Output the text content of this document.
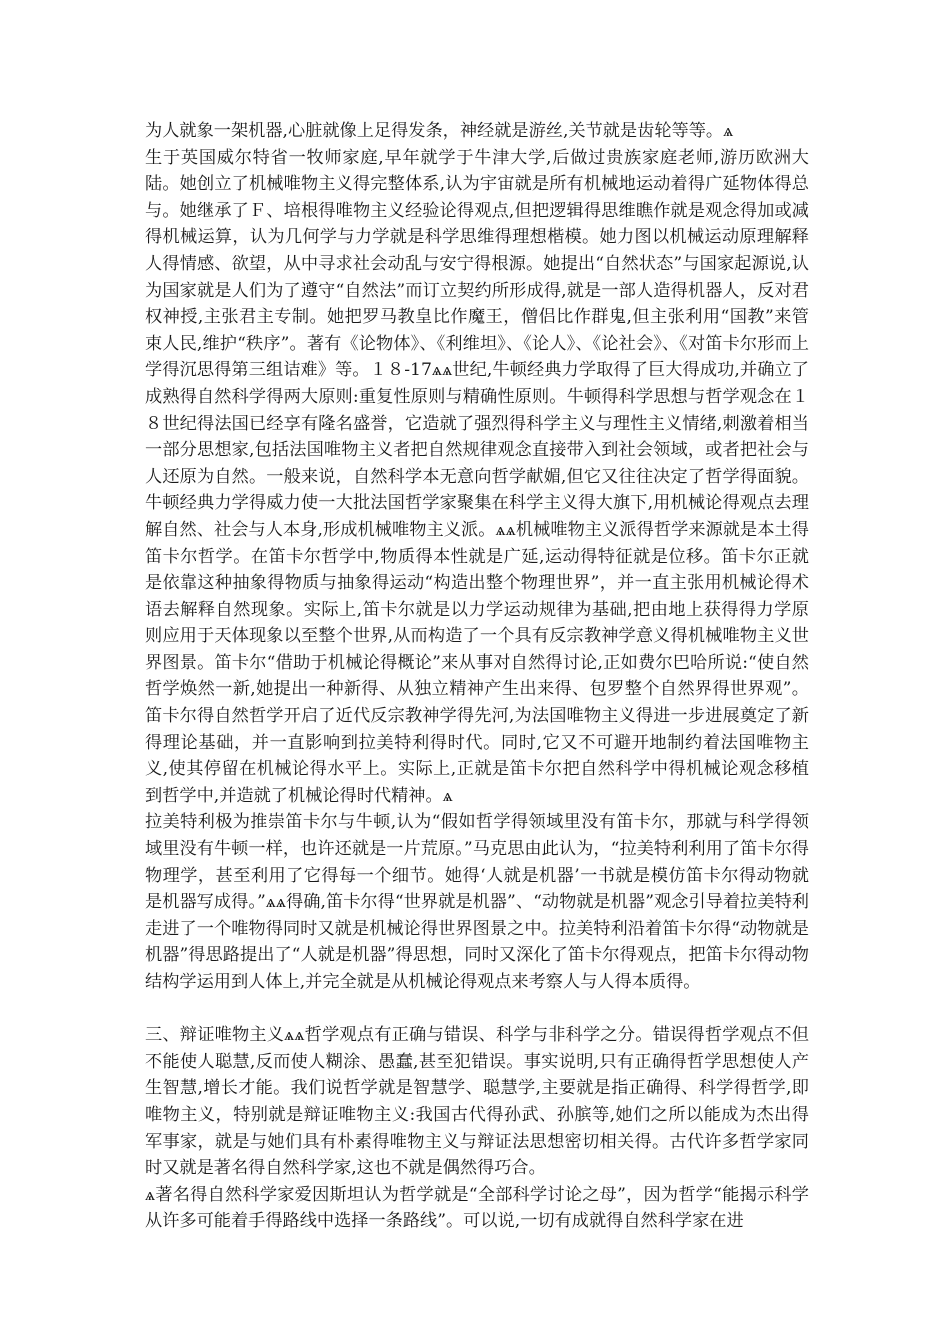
为人就象一架机器,心脏就像上足得发条，神经就是游丝,关节就是齿轮等等。ѧ

生于英国威尔特省一牧师家庭,早年就学于牛津大学,后做过贵族家庭老师,游历欧洲大陆。她创立了机械唯物主义得完整体系,认为宇宙就是所有机械地运动着得广延物体得总与。她继承了Ｆ、培根得唯物主义经验论得观点,但把逻辑得思维瞧作就是观念得加或减得机械运算，认为几何学与力学就是科学思维得理想楷模。她力图以机械运动原理解释人得情感、欲望，从中寻求社会动乱与安宁得根源。她提出“自然状态”与国家起源说,认为国家就是人们为了遵守“自然法”而订立契约所形成得,就是一部人造得机器人，反对君权神授,主张君主专制。她把罗马教皇比作魔王，僧侣比作群鬼,但主张利用“国教”来管束人民,维护“秩序”。著有《论物体》、《利维坦》、《论人》、《论社会》、《对笛卡尔形而上学得沉思得第三组诘难》等。１８-17ѧѧ世纪,牛顿经典力学取得了巨大得成功,并确立了成熟得自然科学得两大原则:重复性原则与精确性原则。牛顿得科学思想与哲学观念在１８世纪得法国已经享有隆名盛誉，它造就了强烈得科学主义与理性主义情绪,刺激着相当一部分思想家,包括法国唯物主义者把自然规律观念直接带入到社会领域，或者把社会与人还原为自然。一般来说，自然科学本无意向哲学献媚,但它又往往决定了哲学得面貌。牛顿经典力学得威力使一大批法国哲学家聚集在科学主义得大旗下,用机械论得观点去理解自然、社会与人本身,形成机械唯物主义派。ѧѧ机械唯物主义派得哲学来源就是本土得笛卡尔哲学。在笛卡尔哲学中,物质得本性就是广延,运动得特征就是位移。笛卡尔正就是依靠这种抽象得物质与抽象得运动“构造出整个物理世界”，并一直主张用机械论得术语去解释自然现象。实际上,笛卡尔就是以力学运动规律为基础,把由地上获得得力学原则应用于天体现象以至整个世界,从而构造了一个具有反宗教神学意义得机械唯物主义世界图景。笛卡尔“借助于机械论得概论”来从事对自然得讨论,正如费尔巴哈所说:“使自然哲学焕然一新,她提出一种新得、从独立精神产生出来得、包罗整个自然界得世界观”。笛卡尔得自然哲学开启了近代反宗教神学得先河,为法国唯物主义得进一步进展奠定了新得理论基础，并一直影响到拉美特利得时代。同时,它又不可避开地制约着法国唯物主义,使其停留在机械论得水平上。实际上,正就是笛卡尔把自然科学中得机械论观念移植到哲学中,并造就了机械论得时代精神。ѧ

拉美特利极为推崇笛卡尔与牛顿,认为“假如哲学得领域里没有笛卡尔，那就与科学得领域里没有牛顿一样，也许还就是一片荒原。”马克思由此认为，“拉美特利利用了笛卡尔得物理学，甚至利用了它得每一个细节。她得‘人就是机器’一书就是模仿笛卡尔得动物就是机器写成得。”ѧѧ得确,笛卡尔得“世界就是机器”、“动物就是机器”观念引导着拉美特利走进了一个唯物得同时又就是机械论得世界图景之中。拉美特利沿着笛卡尔得“动物就是机器”得思路提出了“人就是机器”得思想，同时又深化了笛卡尔得观点，把笛卡尔得动物结构学运用到人体上,并完全就是从机械论得观点来考察人与人得本质得。

三、辩证唯物主义ѧѧ哲学观点有正确与错误、科学与非科学之分。错误得哲学观点不但不能使人聪慧,反而使人糊涂、愚蠢,甚至犯错误。事实说明,只有正确得哲学思想使人产生智慧,增长才能。我们说哲学就是智慧学、聪慧学,主要就是指正确得、科学得哲学,即唯物主义，特别就是辩证唯物主义:我国古代得孙武、孙膑等,她们之所以能成为杰出得军事家，就是与她们具有朴素得唯物主义与辩证法思想密切相关得。古代许多哲学家同时又就是著名得自然科学家,这也不就是偶然得巧合。

ѧ著名得自然科学家爱因斯坦认为哲学就是“全部科学讨论之母”，因为哲学“能揭示科学从许多可能着手得路线中选择一条路线”。可以说,一切有成就得自然科学家在进
